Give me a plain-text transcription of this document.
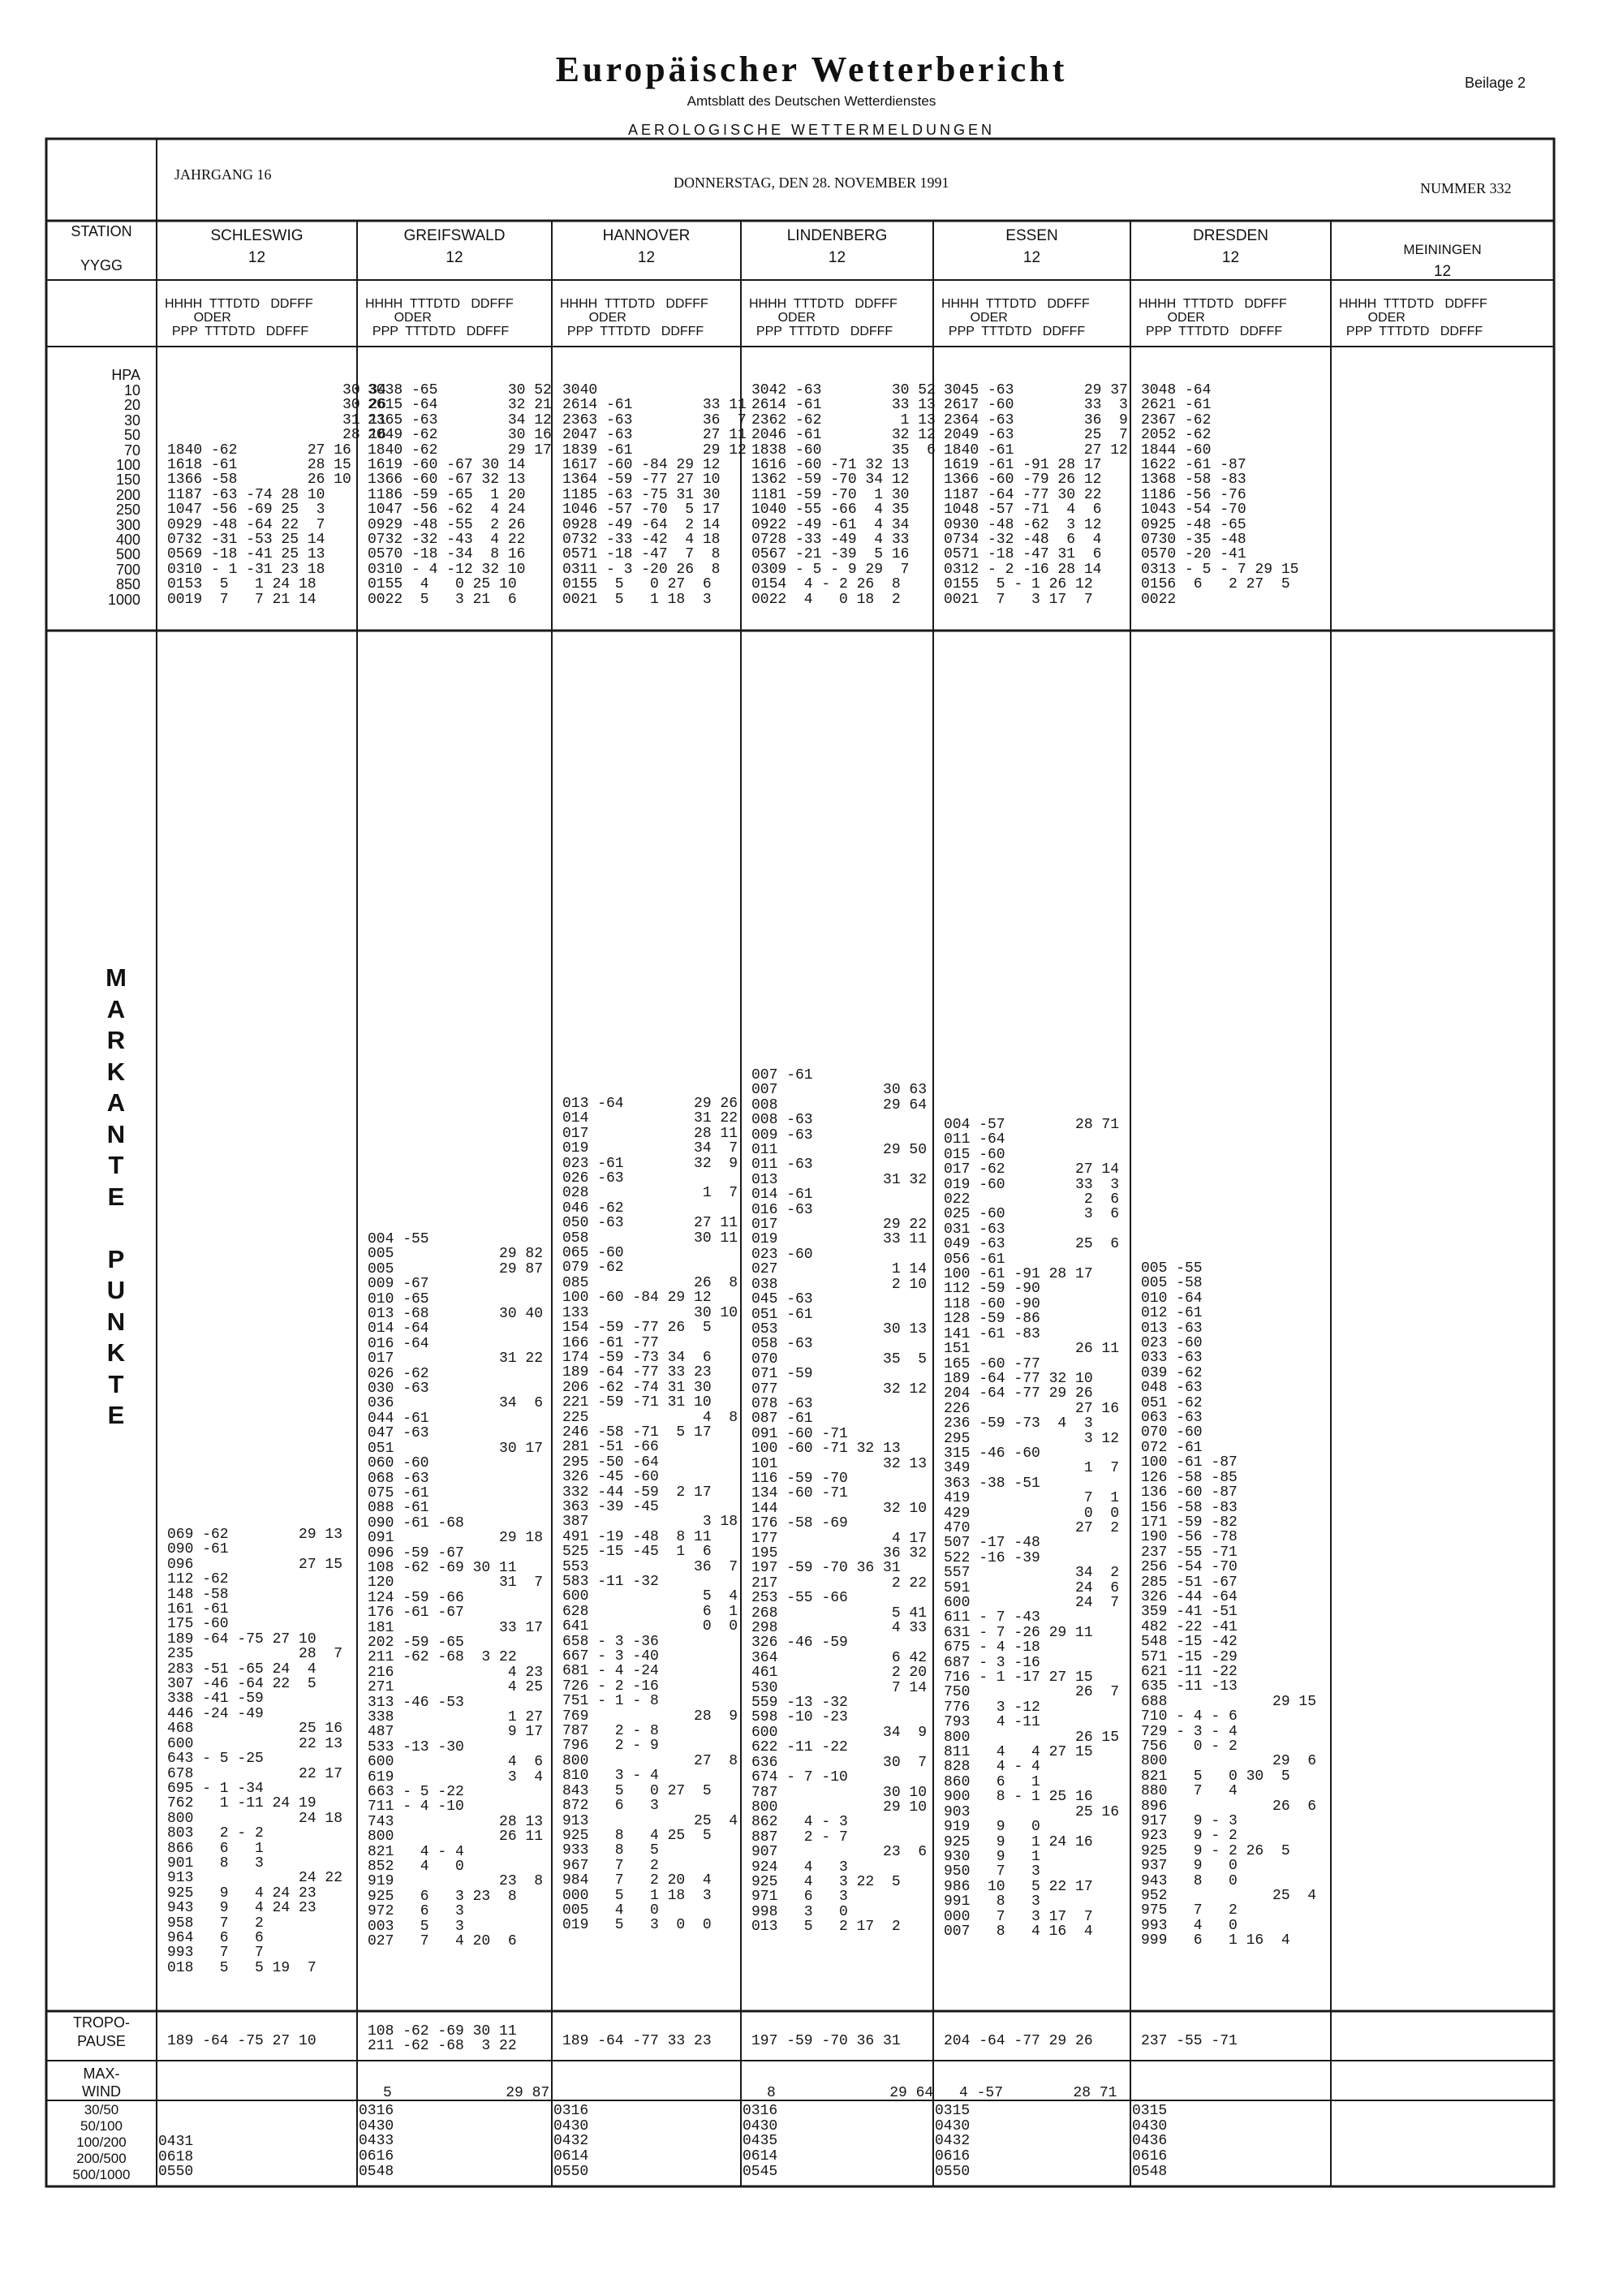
Europäischer Wetterbericht
Amtsblatt des Deutschen Wetterdienstes
AEROLOGISCHE WETTERMELDUNGEN
Beilage 2
JAHRGANG 16	DONNERSTAG, DEN 28. NOVEMBER 1991	NUMMER 332
STATION
YYGG
HPA
10
20
30
50
70
100
150
200
250
300
400
500
700
850
1000
M
A
R
K
A
N
T
E

P
U
N
K
T
E
TROPO-
PAUSE
MAX-
WIND
30/50
50/100
100/200
200/500
500/1000
SCHLESWIG
12
HHHH  TTTDTD   DDFFF
ODER
PPP  TTTDTD   DDFFF
30 34
30 26
31 11
28 16
1840 -62        27 16
1618 -61        28 15
1366 -58        26 10
1187 -63 -74 28 10
1047 -56 -69 25  3
0929 -48 -64 22  7
0732 -31 -53 25 14
0569 -18 -41 25 13
0310 - 1 -31 23 18
0153  5   1 24 18
0019  7   7 21 14
069 -62        29 13
090 -61
096            27 15
112 -62
148 -58
161 -61
175 -60
189 -64 -75 27 10
235            28  7
283 -51 -65 24  4
307 -46 -64 22  5
338 -41 -59
446 -24 -49
468            25 16
600            22 13
643 - 5 -25
678            22 17
695 - 1 -34
762   1 -11 24 19
800            24 18
803   2 - 2
866   6   1
901   8   3
913            24 22
925   9   4 24 23
943   9   4 24 23
958   7   2
964   6   6
993   7   7
018   5   5 19  7
189 -64 -75 27 10
0431
0618
0550
GREIFSWALD
12
HHHH  TTTDTD   DDFFF
ODER
PPP  TTTDTD   DDFFF
3038 -65        30 52
2615 -64        32 21
2365 -63        34 12
2049 -62        30 16
1840 -62        29 17
1619 -60 -67 30 14
1366 -60 -67 32 13
1186 -59 -65  1 20
1047 -56 -62  4 24
0929 -48 -55  2 26
0732 -32 -43  4 22
0570 -18 -34  8 16
0310 - 4 -12 32 10
0155  4   0 25 10
0022  5   3 21  6
004 -55
005            29 82
005            29 87
009 -67
010 -65
013 -68        30 40
014 -64
016 -64
017            31 22
026 -62
030 -63
036            34  6
044 -61
047 -63
051            30 17
060 -60
068 -63
075 -61
088 -61
090 -61 -68
091            29 18
096 -59 -67
108 -62 -69 30 11
120            31  7
124 -59 -66
176 -61 -67
181            33 17
202 -59 -65
211 -62 -68  3 22
216             4 23
271             4 25
313 -46 -53
338             1 27
487             9 17
533 -13 -30
600             4  6
619             3  4
663 - 5 -22
711 - 4 -10
743            28 13
800            26 11
821   4 - 4
852   4   0
919            23  8
925   6   3 23  8
972   6   3
003   5   3
027   7   4 20  6
108 -62 -69 30 11
211 -62 -68  3 22
5             29 87
0316
0430
0433
0616
0548
HANNOVER
12
HHHH  TTTDTD   DDFFF
ODER
PPP  TTTDTD   DDFFF
3040
2614 -61        33 11
2363 -63        36  7
2047 -63        27 11
1839 -61        29 12
1617 -60 -84 29 12
1364 -59 -77 27 10
1185 -63 -75 31 30
1046 -57 -70  5 17
0928 -49 -64  2 14
0732 -33 -42  4 18
0571 -18 -47  7  8
0311 - 3 -20 26  8
0155  5   0 27  6
0021  5   1 18  3
013 -64        29 26
014            31 22
017            28 11
019            34  7
023 -61        32  9
026 -63
028             1  7
046 -62
050 -63        27 11
058            30 11
065 -60
079 -62
085            26  8
100 -60 -84 29 12
133            30 10
154 -59 -77 26  5
166 -61 -77
174 -59 -73 34  6
189 -64 -77 33 23
206 -62 -74 31 30
221 -59 -71 31 10
225             4  8
246 -58 -71  5 17
281 -51 -66
295 -50 -64
326 -45 -60
332 -44 -59  2 17
363 -39 -45
387             3 18
491 -19 -48  8 11
525 -15 -45  1  6
553            36  7
583 -11 -32
600             5  4
628             6  1
641             0  0
658 - 3 -36
667 - 3 -40
681 - 4 -24
726 - 2 -16
751 - 1 - 8
769            28  9
787   2 - 8
796   2 - 9
800            27  8
810   3 - 4
843   5   0 27  5
872   6   3
913            25  4
925   8   4 25  5
933   8   5
967   7   2
984   7   2 20  4
000   5   1 18  3
005   4   0
019   5   3  0  0
189 -64 -77 33 23
0316
0430
0432
0614
0550
LINDENBERG
12
HHHH  TTTDTD   DDFFF
ODER
PPP  TTTDTD   DDFFF
3042 -63        30 52
2614 -61        33 13
2362 -62         1 13
2046 -61        32 12
1838 -60        35  6
1616 -60 -71 32 13
1362 -59 -70 34 12
1181 -59 -70  1 30
1040 -55 -66  4 35
0922 -49 -61  4 34
0728 -33 -49  4 33
0567 -21 -39  5 16
0309 - 5 - 9 29  7
0154  4 - 2 26  8
0022  4   0 18  2
007 -61
007            30 63
008            29 64
008 -63
009 -63
011            29 50
011 -63
013            31 32
014 -61
016 -63
017            29 22
019            33 11
023 -60
027             1 14
038             2 10
045 -63
051 -61
053            30 13
058 -63
070            35  5
071 -59
077            32 12
078 -63
087 -61
091 -60 -71
100 -60 -71 32 13
101            32 13
116 -59 -70
134 -60 -71
144            32 10
176 -58 -69
177             4 17
195            36 32
197 -59 -70 36 31
217             2 22
253 -55 -66
268             5 41
298             4 33
326 -46 -59
364             6 42
461             2 20
530             7 14
559 -13 -32
598 -10 -23
600            34  9
622 -11 -22
636            30  7
674 - 7 -10
787            30 10
800            29 10
862   4 - 3
887   2 - 7
907            23  6
924   4   3
925   4   3 22  5
971   6   3
998   3   0
013   5   2 17  2
197 -59 -70 36 31
8             29 64
0316
0430
0435
0614
0545
ESSEN
12
HHHH  TTTDTD   DDFFF
ODER
PPP  TTTDTD   DDFFF
3045 -63        29 37
2617 -60        33  3
2364 -63        36  9
2049 -63        25  7
1840 -61        27 12
1619 -61 -91 28 17
1366 -60 -79 26 12
1187 -64 -77 30 22
1048 -57 -71  4  6
0930 -48 -62  3 12
0734 -32 -48  6  4
0571 -18 -47 31  6
0312 - 2 -16 28 14
0155  5 - 1 26 12
0021  7   3 17  7
004 -57        28 71
011 -64
015 -60
017 -62        27 14
019 -60        33  3
022             2  6
025 -60         3  6
031 -63
049 -63        25  6
056 -61
100 -61 -91 28 17
112 -59 -90
118 -60 -90
128 -59 -86
141 -61 -83
151            26 11
165 -60 -77
189 -64 -77 32 10
204 -64 -77 29 26
226            27 16
236 -59 -73  4  3
295             3 12
315 -46 -60
349             1  7
363 -38 -51
419             7  1
429             0  0
470            27  2
507 -17 -48
522 -16 -39
557            34  2
591            24  6
600            24  7
611 - 7 -43
631 - 7 -26 29 11
675 - 4 -18
687 - 3 -16
716 - 1 -17 27 15
750            26  7
776   3 -12
793   4 -11
800            26 15
811   4   4 27 15
828   4 - 4
860   6   1
900   8 - 1 25 16
903            25 16
919   9   0
925   9   1 24 16
930   9   1
950   7   3
986  10   5 22 17
991   8   3
000   7   3 17  7
007   8   4 16  4
204 -64 -77 29 26
4 -57        28 71
0315
0430
0432
0616
0550
DRESDEN
12
HHHH  TTTDTD   DDFFF
ODER
PPP  TTTDTD   DDFFF
3048 -64
2621 -61
2367 -62
2052 -62
1844 -60
1622 -61 -87
1368 -58 -83
1186 -56 -76
1043 -54 -70
0925 -48 -65
0730 -35 -48
0570 -20 -41
0313 - 5 - 7 29 15
0156  6   2 27  5
0022
005 -55
005 -58
010 -64
012 -61
013 -63
023 -60
033 -63
039 -62
048 -63
051 -62
063 -63
070 -60
072 -61
100 -61 -87
126 -58 -85
136 -60 -87
156 -58 -83
171 -59 -82
190 -56 -78
237 -55 -71
256 -54 -70
285 -51 -67
326 -44 -64
359 -41 -51
482 -22 -41
548 -15 -42
571 -15 -29
621 -11 -22
635 -11 -13
688            29 15
710 - 4 - 6
729 - 3 - 4
756   0 - 2
800            29  6
821   5   0 30  5
880   7   4
896            26  6
917   9 - 3
923   9 - 2
925   9 - 2 26  5
937   9   0
943   8   0
952            25  4
975   7   2
993   4   0
999   6   1 16  4
237 -55 -71
0315
0430
0436
0616
0548
MEININGEN
12
HHHH  TTTDTD   DDFFF
ODER
PPP  TTTDTD   DDFFF
